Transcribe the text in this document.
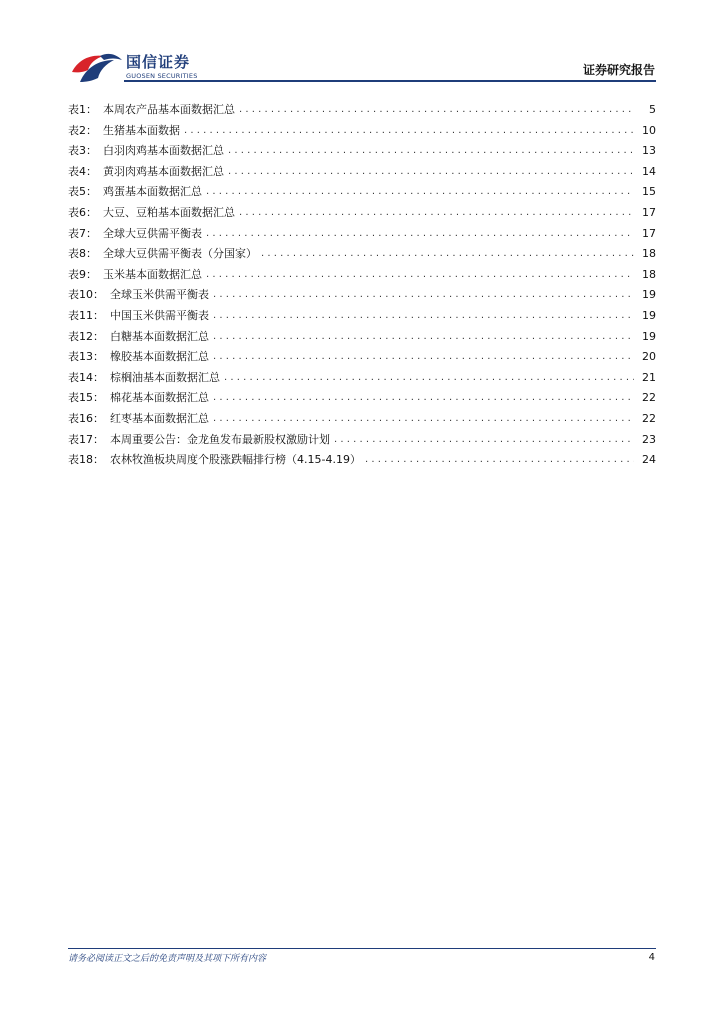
国信证券
GUOSEN SECURITIES	证券研究报告
表1： 本周农产品基本面数据汇总 .....	5
表2： 生猪基本面数据 .....	10
表3： 白羽肉鸡基本面数据汇总 .....	13
表4： 黄羽肉鸡基本面数据汇总 .....	14
表5： 鸡蛋基本面数据汇总 .....	15
表6： 大豆、豆粕基本面数据汇总 .....	17
表7： 全球大豆供需平衡表 .....	17
表8： 全球大豆供需平衡表（分国家） .....	18
表9： 玉米基本面数据汇总 .....	18
表10： 全球玉米供需平衡表 .....	19
表11： 中国玉米供需平衡表 .....	19
表12： 白糖基本面数据汇总 .....	19
表13： 橡胶基本面数据汇总 .....	20
表14： 棕榈油基本面数据汇总 .....	21
表15： 棉花基本面数据汇总 .....	22
表16： 红枣基本面数据汇总 .....	22
表17： 本周重要公告：金龙鱼发布最新股权激励计划 .....	23
表18： 农林牧渔板块周度个股涨跌幅排行榜（4.15-4.19） .....	24
请务必阅读正文之后的免责声明及其项下所有内容	4
